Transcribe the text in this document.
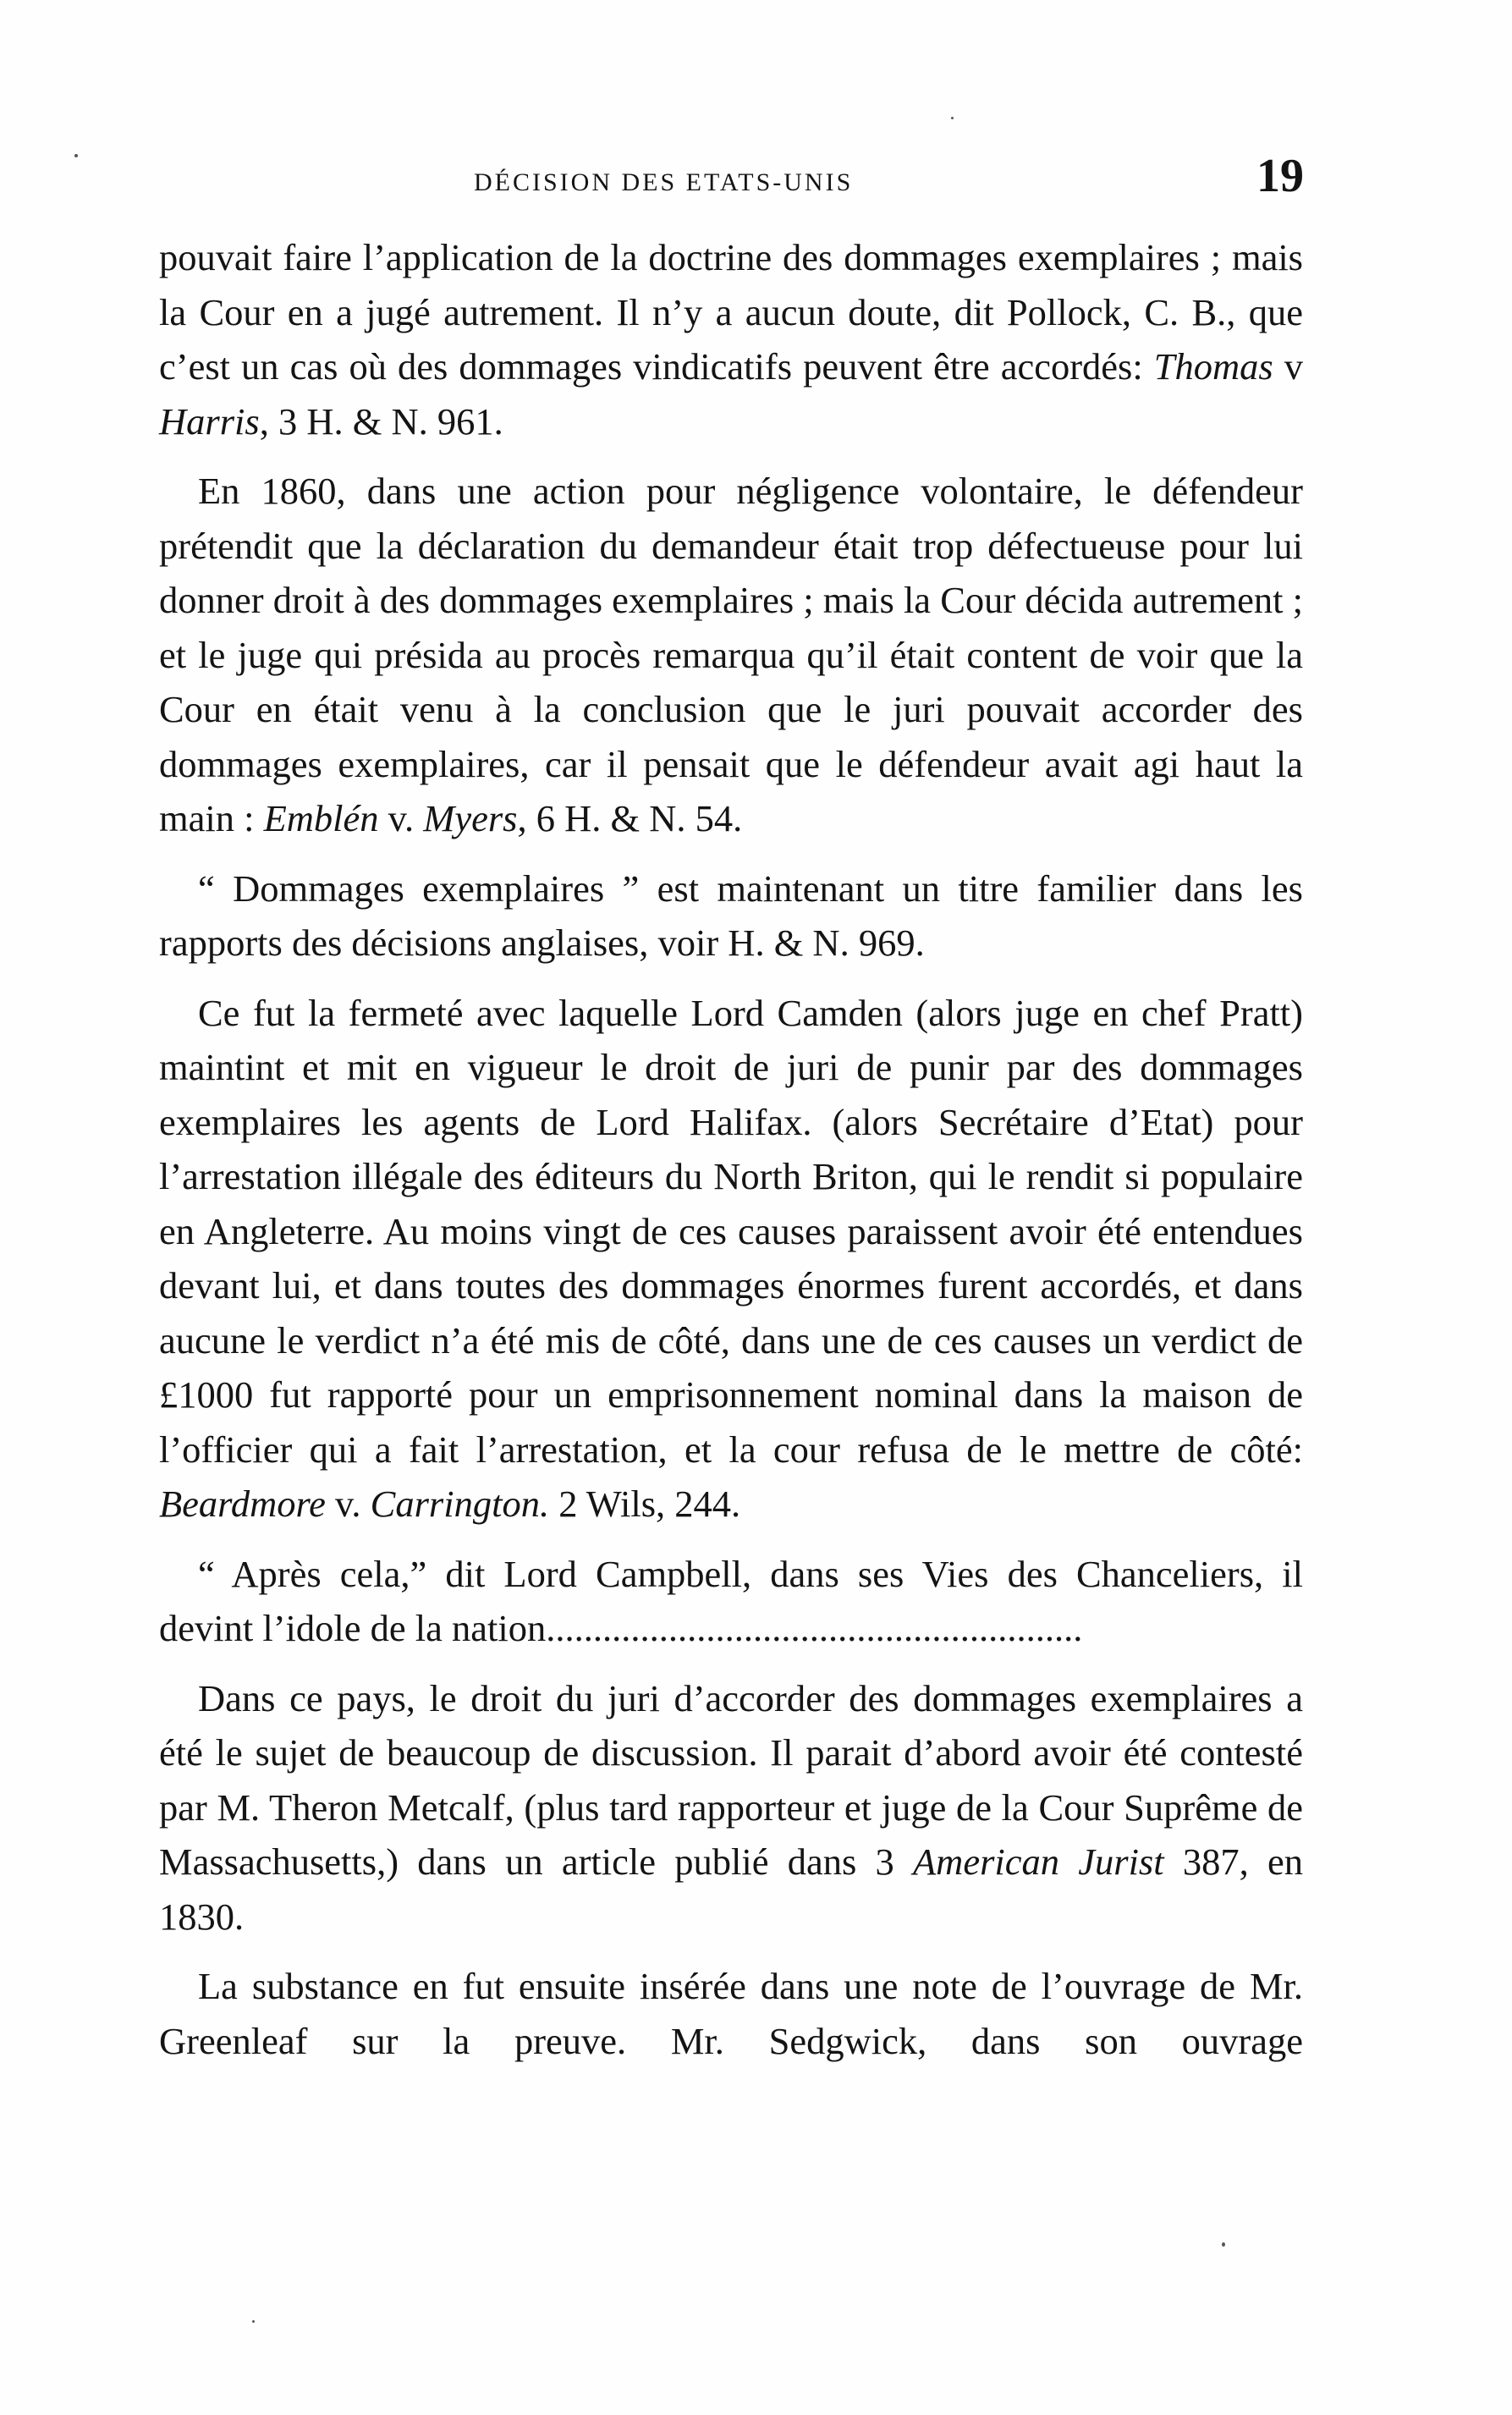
DÉCISION DES ETATS-UNIS	19

pouvait faire l’application de la doctrine des dommages exemplaires ; mais la Cour en a jugé autrement. Il n’y a aucun doute, dit Pollock, C. B., que c’est un cas où des dommages vindicatifs peuvent être accordés: Thomas v Harris, 3 H. & N. 961.

En 1860, dans une action pour négligence volontaire, le défendeur prétendit que la déclaration du demandeur était trop défectueuse pour lui donner droit à des dommages exemplaires ; mais la Cour décida autrement ; et le juge qui présida au procès remarqua qu’il était content de voir que la Cour en était venu à la conclusion que le juri pouvait accorder des dommages exemplaires, car il pensait que le défendeur avait agi haut la main : Emblén v. Myers, 6 H. & N. 54.

“ Dommages exemplaires ” est maintenant un titre familier dans les rapports des décisions anglaises, voir H. & N. 969.

Ce fut la fermeté avec laquelle Lord Camden (alors juge en chef Pratt) maintint et mit en vigueur le droit de juri de punir par des dommages exemplaires les agents de Lord Halifax. (alors Secrétaire d’Etat) pour l’arrestation illégale des éditeurs du North Briton, qui le rendit si populaire en Angleterre. Au moins vingt de ces causes paraissent avoir été entendues devant lui, et dans toutes des dommages énormes furent accordés, et dans aucune le verdict n’a été mis de côté, dans une de ces causes un verdict de £1000 fut rapporté pour un emprisonnement nominal dans la maison de l’officier qui a fait l’arrestation, et la cour refusa de le mettre de côté: Beardmore v. Carrington. 2 Wils, 244.

“ Après cela,” dit Lord Campbell, dans ses Vies des Chanceliers, il devint l’idole de la nation.........................................................

Dans ce pays, le droit du juri d’accorder des dommages exemplaires a été le sujet de beaucoup de discussion. Il parait d’abord avoir été contesté par M. Theron Metcalf, (plus tard rapporteur et juge de la Cour Suprême de Massachusetts,) dans un article publié dans 3 American Jurist 387, en 1830.

La substance en fut ensuite insérée dans une note de l’ouvrage de Mr. Greenleaf sur la preuve. Mr. Sedgwick, dans son ouvrage
